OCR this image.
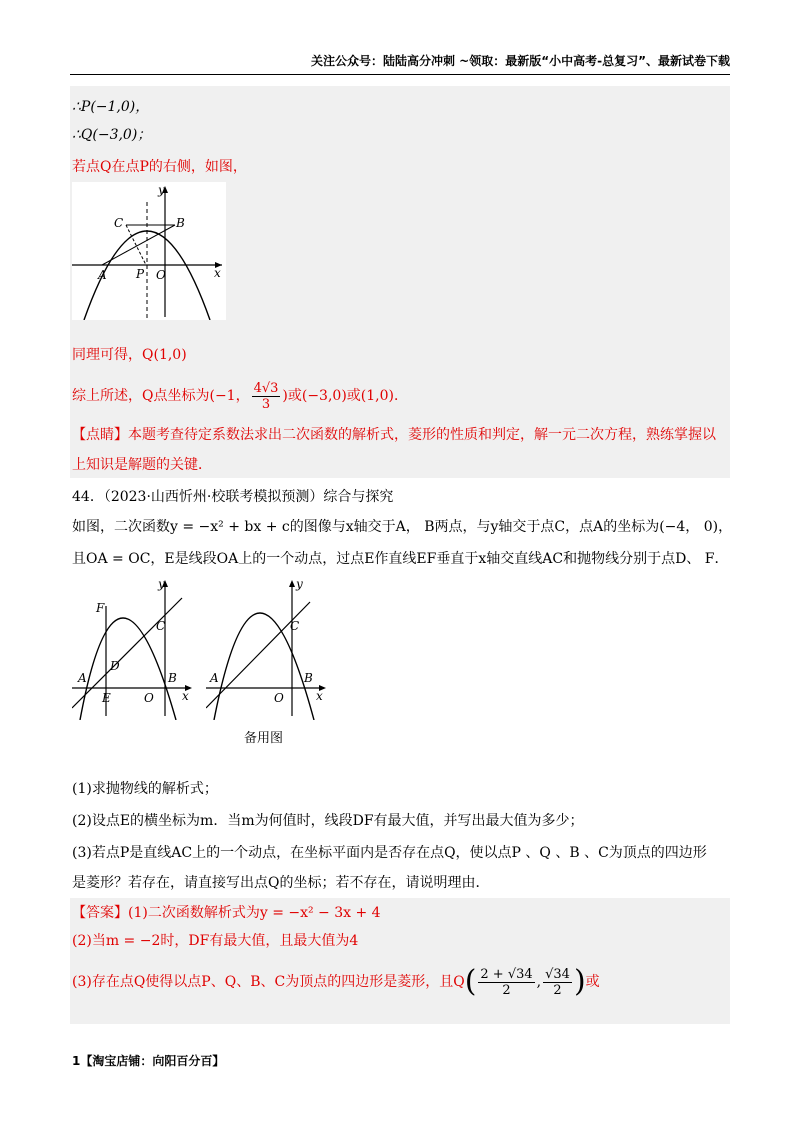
关注公众号：陆陆高分冲刺 ~领取：最新版“小中高考-总复习”、最新试卷下载
∴P(−1,0)，
∴Q(−3,0)；
若点Q在点P的右侧，如图，
y
C	B
A P O	x
同理可得，Q(1,0)
综上所述，Q点坐标为(−1， $\frac{4√3}{3}$ )或(−3,0)或(1,0)．
【点睛】本题考查待定系数法求出二次函数的解析式，菱形的性质和判定，解一元二次方程，熟练掌握以
上知识是解题的关键．
44．（2023·山西忻州·校联考模拟预测）综合与探究
如图，二次函数y = −x² + bx + c的图像与x轴交于A， B两点，与y轴交于点C，点A的坐标为(−4， 0)，
且OA = OC，E是线段OA上的一个动点，过点E作直线EF垂直于x轴交直线AC和抛物线分别于点D、 F．
y
F
C
D
A
E	O
B
x
y
C
A
O
B
x
备用图
(1)求抛物线的解析式；
(2)设点E的横坐标为m．当m为何值时，线段DF有最大值，并写出最大值为多少；
(3)若点P是直线AC上的一个动点，在坐标平面内是否存在点Q，使以点P 、Q 、B 、C为顶点的四边形
是菱形？若存在，请直接写出点Q的坐标；若不存在，请说明理由．
【答案】(1)二次函数解析式为y = −x² − 3x + 4
(2)当m = −2时，DF有最大值，且最大值为4
(3)存在点Q使得以点P、Q、B、C为顶点的四边形是菱形，且$Q( \frac{2 + √34}{2}$ , $\frac{√34}{2}$ )或
1【淘宝店铺：向阳百分百】
